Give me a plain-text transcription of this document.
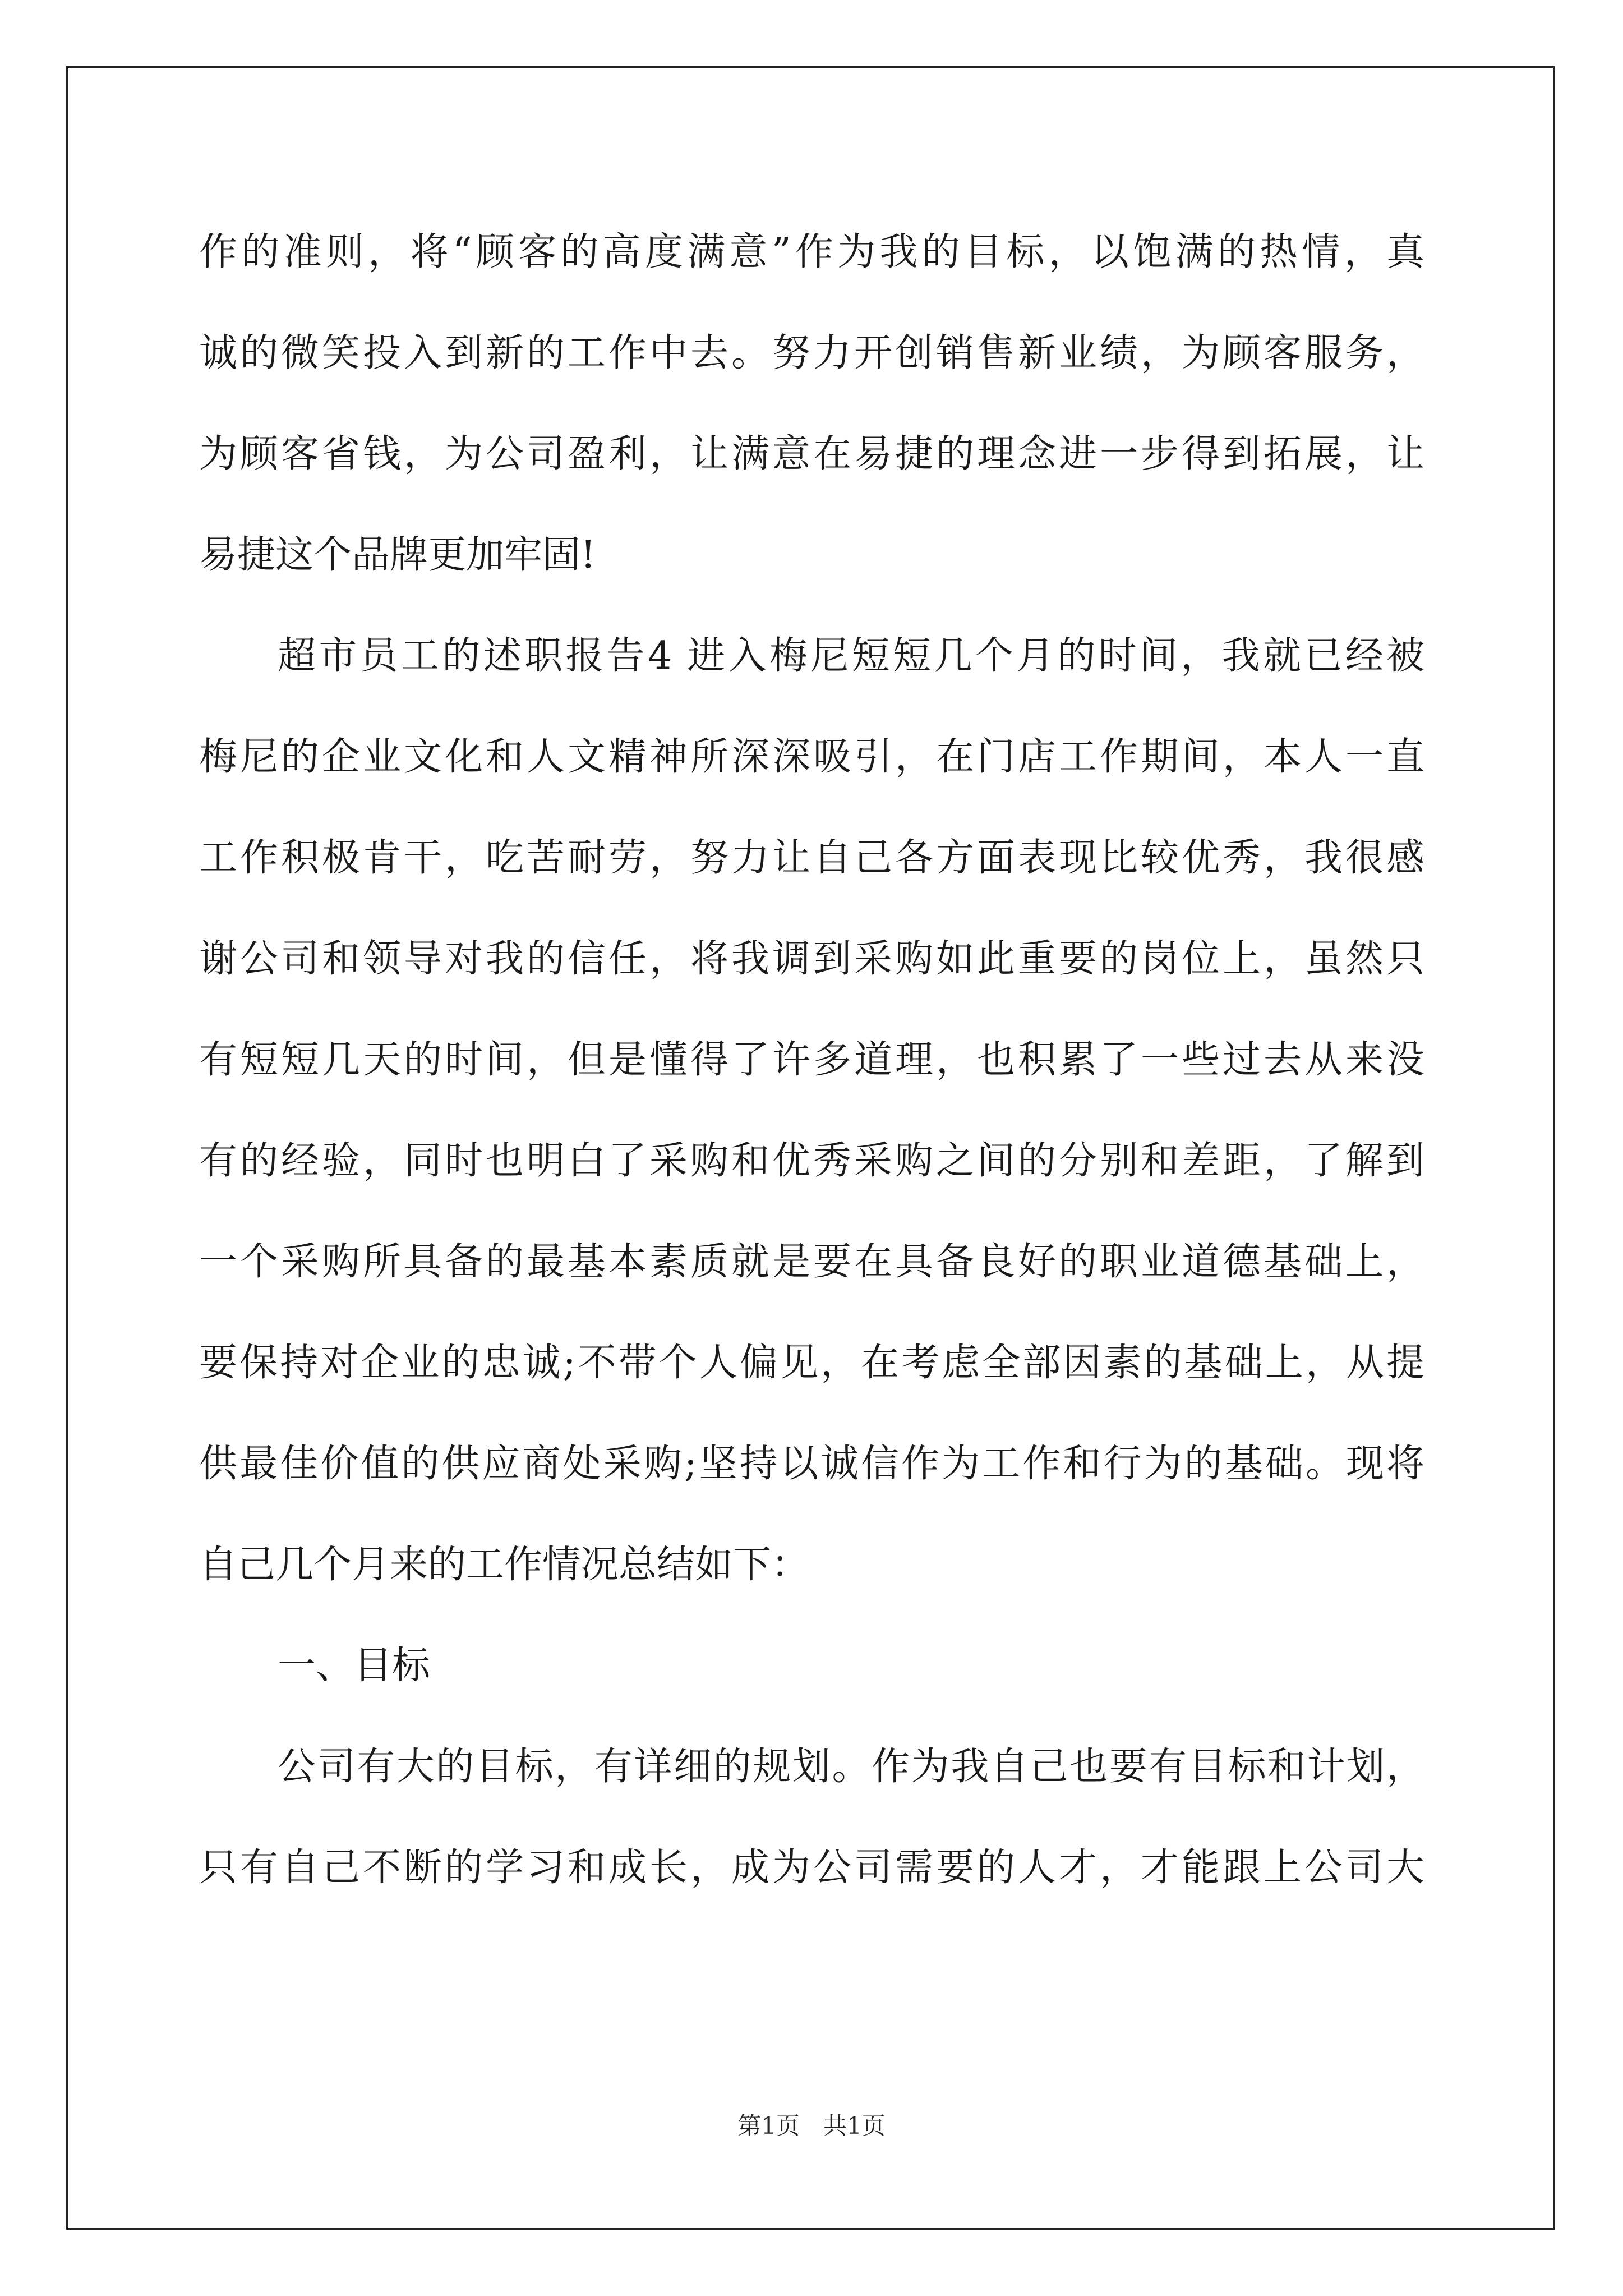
作的准则，将“顾客的高度满意”作为我的目标，以饱满的热情，真
诚的微笑投入到新的工作中去。努力开创销售新业绩，为顾客服务，
为顾客省钱，为公司盈利，让满意在易捷的理念进一步得到拓展，让
易捷这个品牌更加牢固!
超市员工的述职报告4 进入梅尼短短几个月的时间，我就已经被
梅尼的企业文化和人文精神所深深吸引，在门店工作期间，本人一直
工作积极肯干，吃苦耐劳，努力让自己各方面表现比较优秀，我很感
谢公司和领导对我的信任，将我调到采购如此重要的岗位上，虽然只
有短短几天的时间，但是懂得了许多道理，也积累了一些过去从来没
有的经验，同时也明白了采购和优秀采购之间的分别和差距，了解到
一个采购所具备的最基本素质就是要在具备良好的职业道德基础上，
要保持对企业的忠诚;不带个人偏见，在考虑全部因素的基础上，从提
供最佳价值的供应商处采购;坚持以诚信作为工作和行为的基础。现将
自己几个月来的工作情况总结如下：
一、目标
公司有大的目标，有详细的规划。作为我自己也要有目标和计划，
只有自己不断的学习和成长，成为公司需要的人才，才能跟上公司大
第1页　共1页
